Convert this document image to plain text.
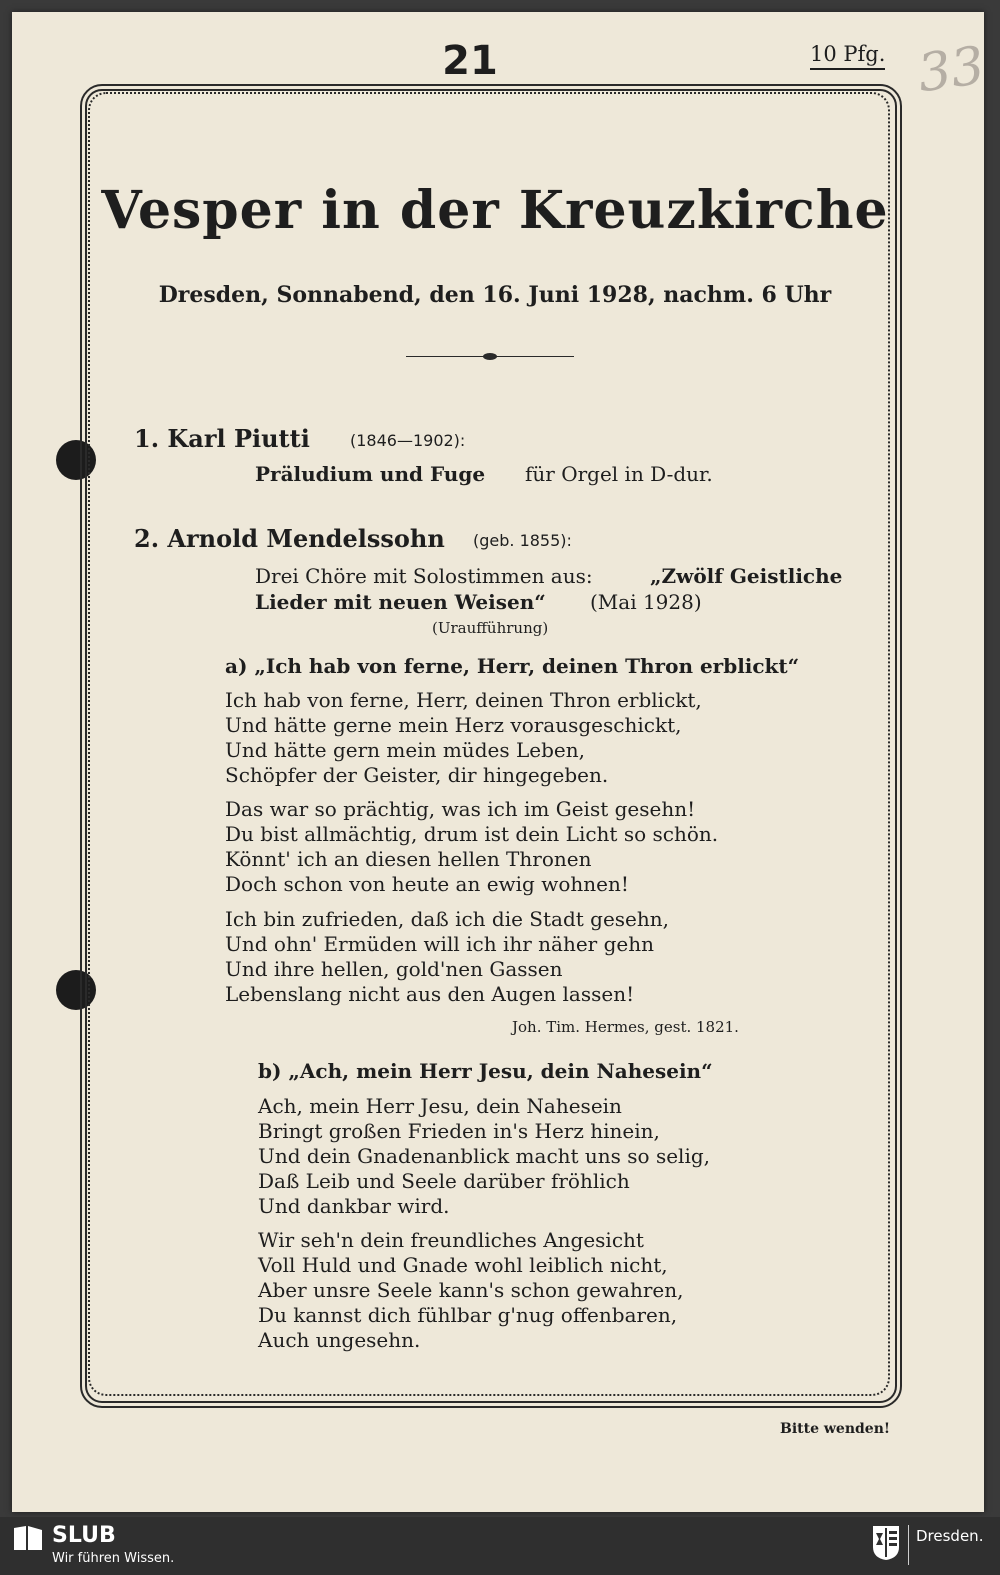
21	10 Pfg. 33
Vesper in der Kreuzkirche
Dresden, Sonnabend, den 16. Juni 1928, nachm. 6 Uhr
1. Karl Piutti	(1846—1902):
Präludium und Fuge für Orgel in D-dur.
2. Arnold Mendelssohn (geb. 1855):
Drei Chöre mit Solostimmen aus:	„Zwölf Geistliche
Lieder mit neuen Weisen“ (Mai 1928)
(Uraufführung)
a) „Ich hab von ferne, Herr, deinen Thron erblickt“
Ich hab von ferne, Herr, deinen Thron erblickt,
Und hätte gerne mein Herz vorausgeschickt,
Und hätte gern mein müdes Leben,
Schöpfer der Geister, dir hingegeben.
Das war so prächtig, was ich im Geist gesehn!
Du bist allmächtig, drum ist dein Licht so schön.
Könnt' ich an diesen hellen Thronen
Doch schon von heute an ewig wohnen!
Ich bin zufrieden, daß ich die Stadt gesehn,
Und ohn' Ermüden will ich ihr näher gehn
Und ihre hellen, gold'nen Gassen
Lebenslang nicht aus den Augen lassen!
Joh. Tim. Hermes, gest. 1821.
b) „Ach, mein Herr Jesu, dein Nahesein“
Ach, mein Herr Jesu, dein Nahesein
Bringt großen Frieden in's Herz hinein,
Und dein Gnadenanblick macht uns so selig,
Daß Leib und Seele darüber fröhlich
Und dankbar wird.
Wir seh'n dein freundliches Angesicht
Voll Huld und Gnade wohl leiblich nicht,
Aber unsre Seele kann's schon gewahren,
Du kannst dich fühlbar g'nug offenbaren,
Auch ungesehn.
Bitte wenden!
SLUB
Wir führen Wissen.
Dresden.
